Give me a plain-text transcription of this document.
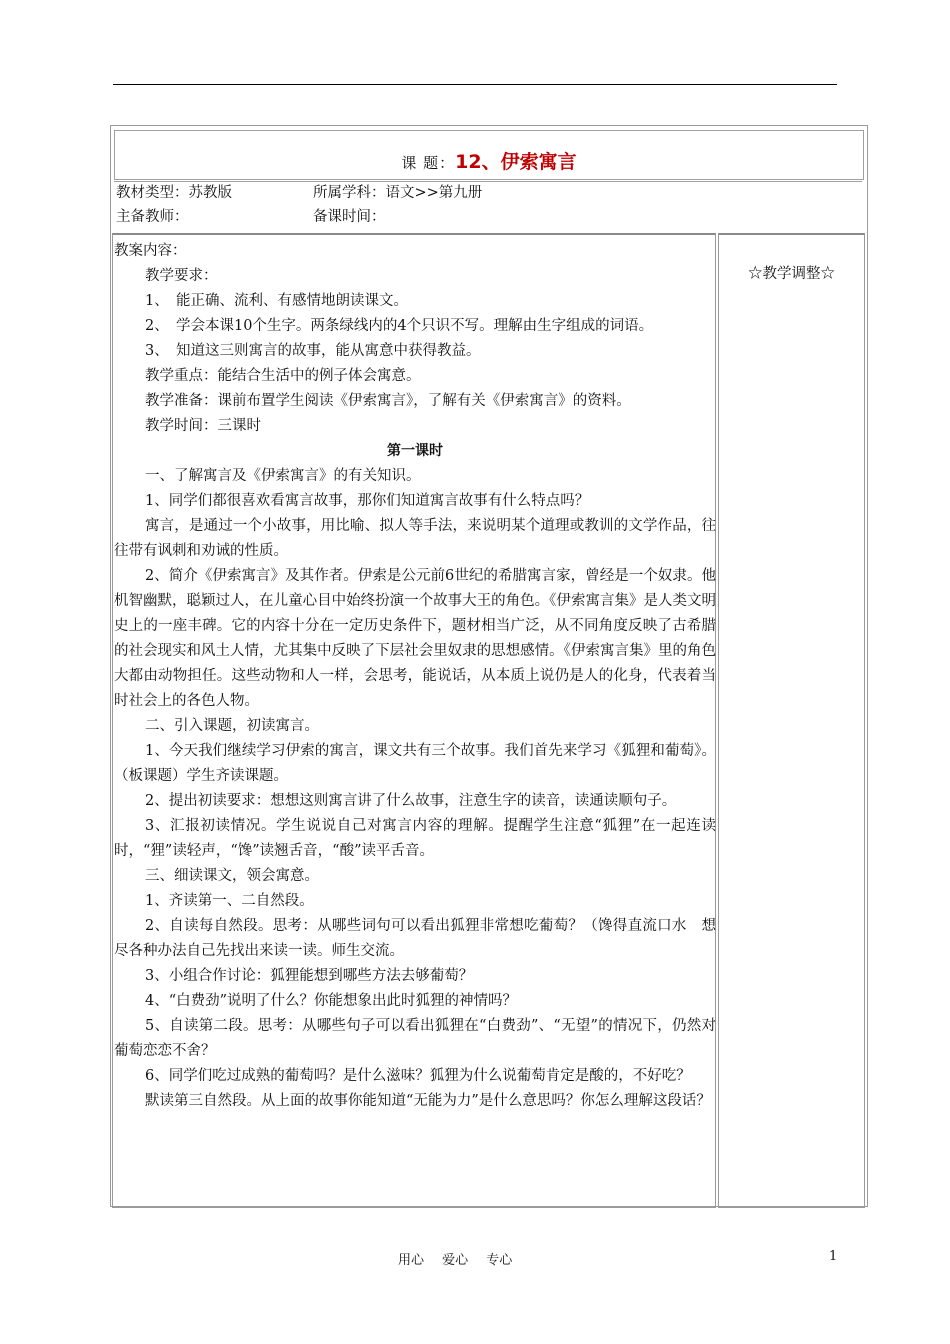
课 题：12、伊索寓言
教材类型：苏教版	所属学科：语文>>第九册
主备教师：	备课时间：
☆教学调整☆

教案内容：

教学要求：

1、　能正确、流利、有感情地朗读课文。

2、　学会本课10个生字。两条绿线内的4个只识不写。理解由生字组成的词语。

3、　知道这三则寓言的故事，能从寓意中获得教益。

教学重点：能结合生活中的例子体会寓意。

教学准备：课前布置学生阅读《伊索寓言》，了解有关《伊索寓言》的资料。

教学时间：三课时

第一课时

一、了解寓言及《伊索寓言》的有关知识。

1、同学们都很喜欢看寓言故事，那你们知道寓言故事有什么特点吗？

寓言，是通过一个小故事，用比喻、拟人等手法，来说明某个道理或教训的文学作品，往往带有讽刺和劝诫的性质。

2、简介《伊索寓言》及其作者。伊索是公元前6世纪的希腊寓言家，曾经是一个奴隶。他机智幽默，聪颖过人，在儿童心目中始终扮演一个故事大王的角色。《伊索寓言集》是人类文明史上的一座丰碑。它的内容十分在一定历史条件下，题材相当广泛，从不同角度反映了古希腊的社会现实和风土人情，尤其集中反映了下层社会里奴隶的思想感情。《伊索寓言集》里的角色大都由动物担任。这些动物和人一样，会思考，能说话，从本质上说仍是人的化身，代表着当时社会上的各色人物。

二、引入课题，初读寓言。

1、今天我们继续学习伊索的寓言，课文共有三个故事。我们首先来学习《狐狸和葡萄》。（板课题）学生齐读课题。

2、提出初读要求：想想这则寓言讲了什么故事，注意生字的读音，读通读顺句子。

3、汇报初读情况。学生说说自己对寓言内容的理解。提醒学生注意“狐狸”在一起连读时，“狸”读轻声，“馋”读翘舌音，“酸”读平舌音。

三、细读课文，领会寓意。

1、齐读第一、二自然段。

2、自读每自然段。思考：从哪些词句可以看出狐狸非常想吃葡萄？（馋得直流口水　想尽各种办法自己先找出来读一读。师生交流。

3、小组合作讨论：狐狸能想到哪些方法去够葡萄？

4、“白费劲”说明了什么？你能想象出此时狐狸的神情吗？

5、自读第二段。思考：从哪些句子可以看出狐狸在“白费劲”、“无望”的情况下，仍然对葡萄恋恋不舍？

6、同学们吃过成熟的葡萄吗？是什么滋味？狐狸为什么说葡萄肯定是酸的，不好吃？

默读第三自然段。从上面的故事你能知道“无能为力”是什么意思吗？你怎么理解这段话？

用心 爱心 专心	1
